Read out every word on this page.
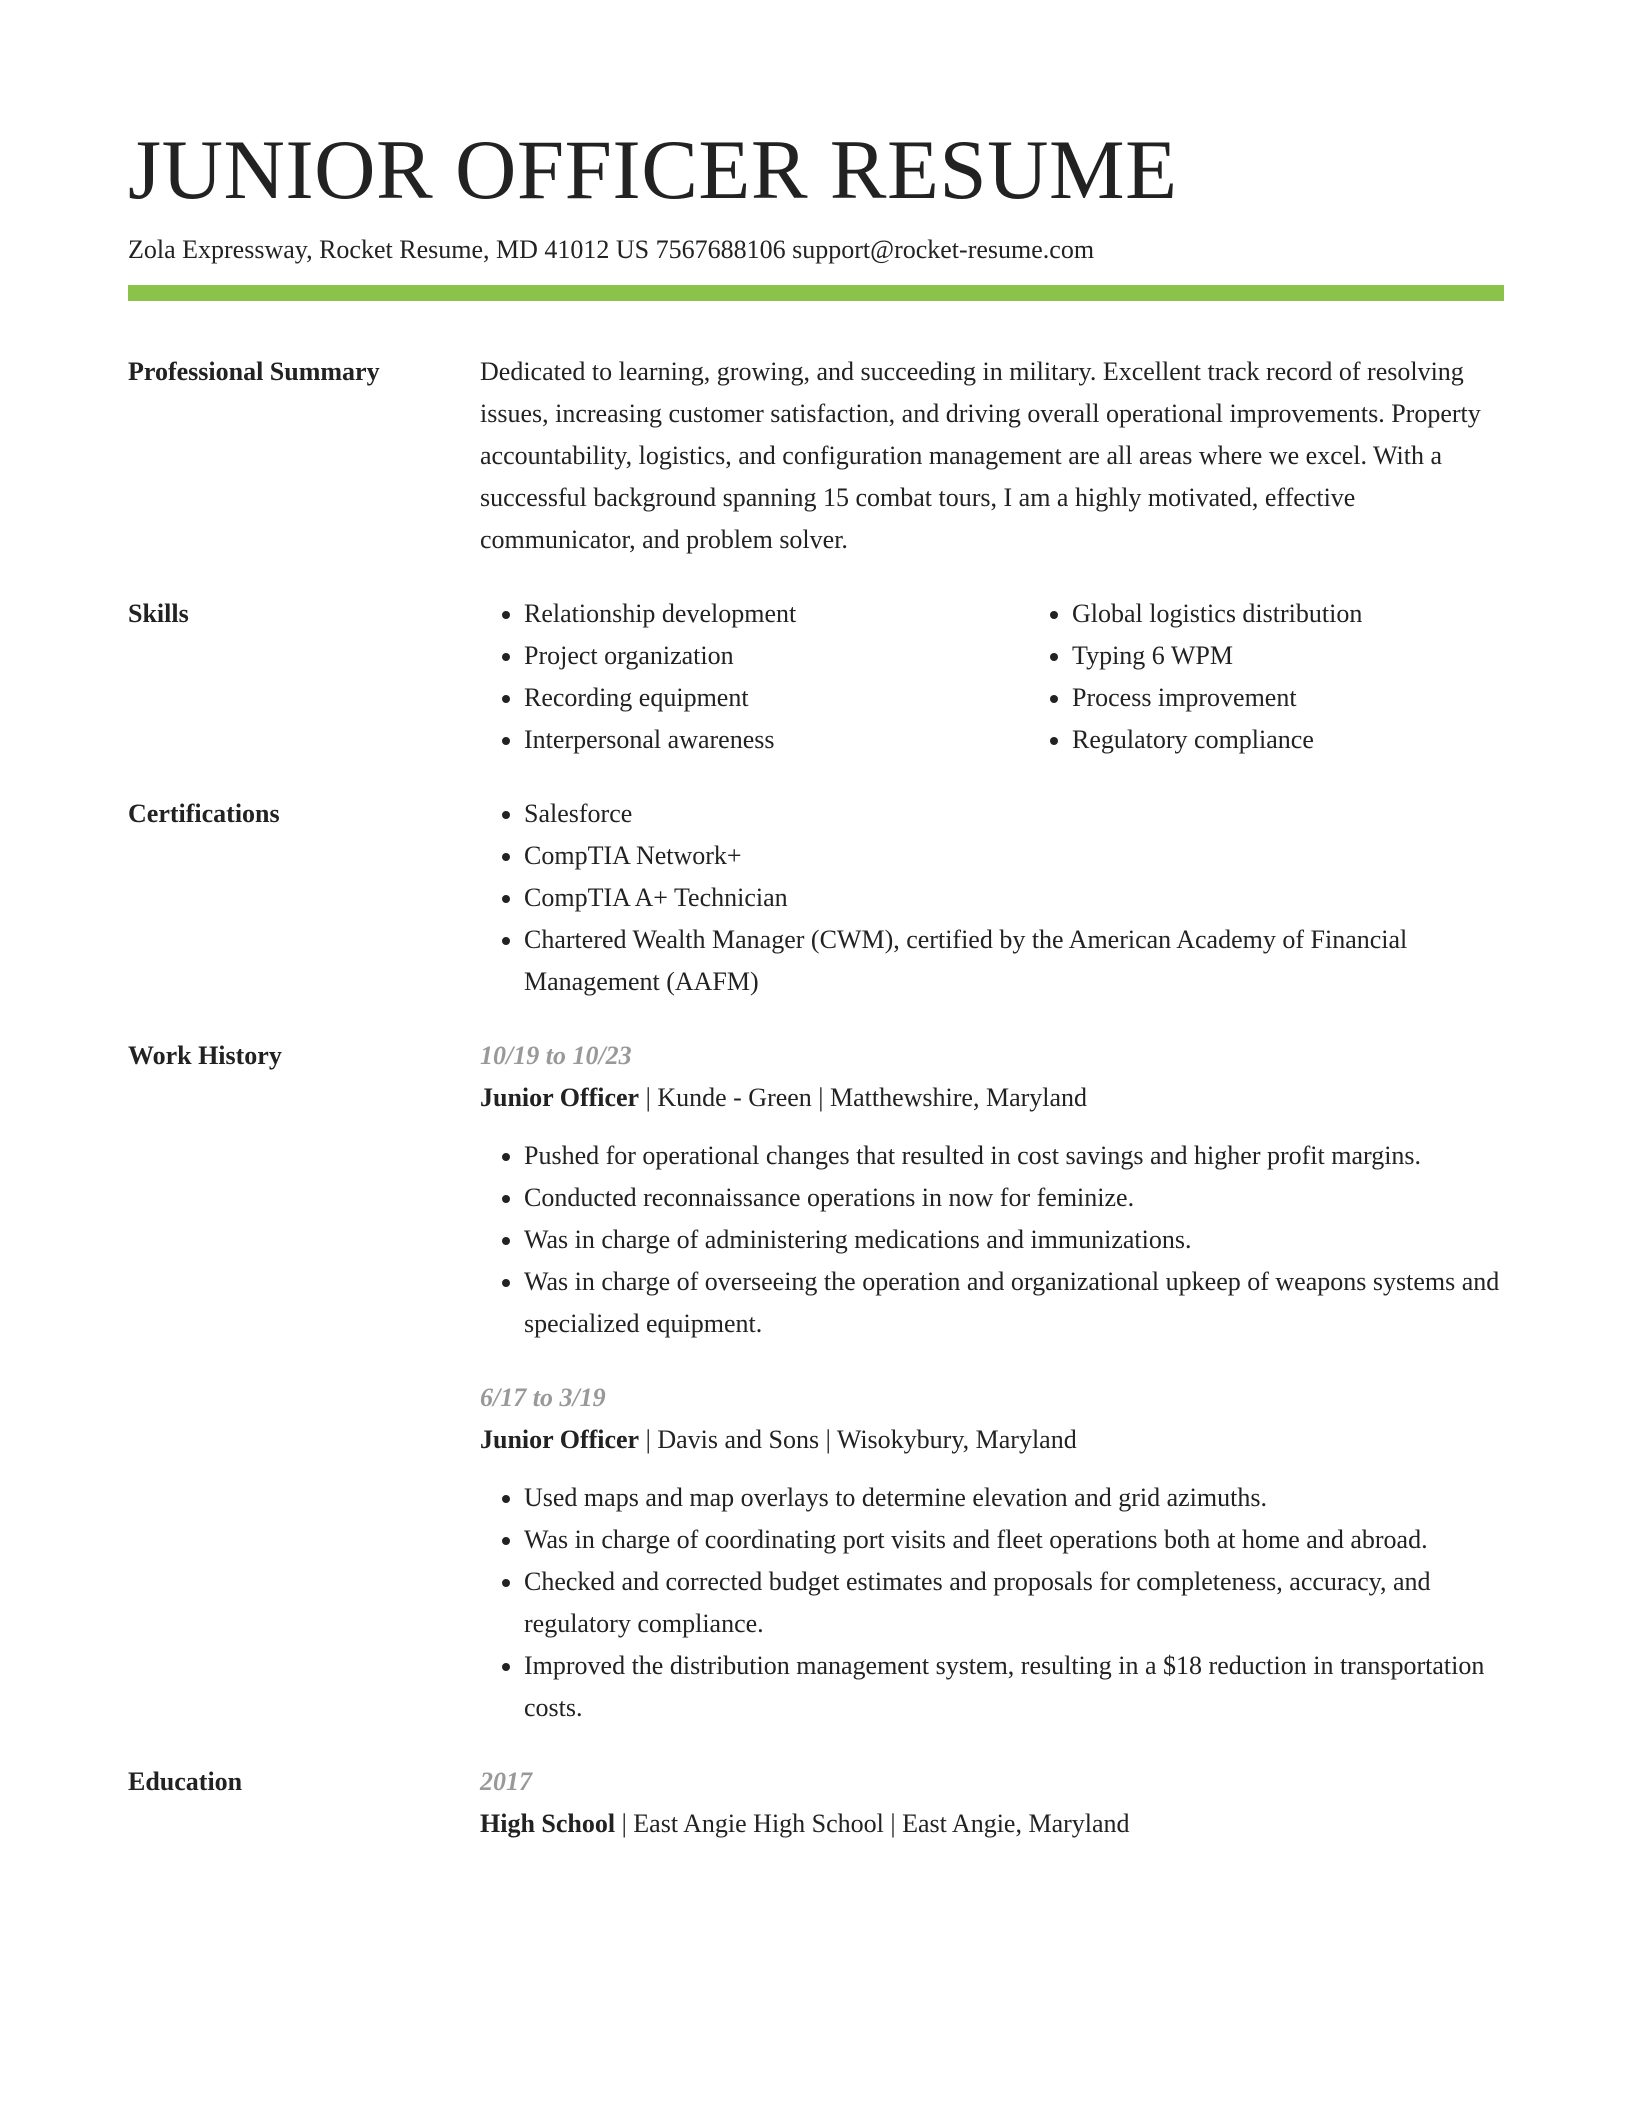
JUNIOR OFFICER RESUME
Zola Expressway, Rocket Resume, MD 41012 US 7567688106 support@rocket-resume.com
Professional Summary	Dedicated to learning, growing, and succeeding in military. Excellent track record of resolving issues, increasing customer satisfaction, and driving overall operational improvements. Property accountability, logistics, and configuration management are all areas where we excel. With a successful background spanning 15 combat tours, I am a highly motivated, effective communicator, and problem solver.
Skills	• Relationship development
• Project organization
• Recording equipment
• Interpersonal awareness
• Global logistics distribution
• Typing 6 WPM
• Process improvement
• Regulatory compliance
Certifications	• Salesforce
• CompTIA Network+
• CompTIA A+ Technician
• Chartered Wealth Manager (CWM), certified by the American Academy of Financial Management (AAFM)
Work History	10/19 to 10/23
Junior Officer | Kunde - Green | Matthewshire, Maryland
• Pushed for operational changes that resulted in cost savings and higher profit margins.
• Conducted reconnaissance operations in now for feminize.
• Was in charge of administering medications and immunizations.
• Was in charge of overseeing the operation and organizational upkeep of weapons systems and specialized equipment.
6/17 to 3/19
Junior Officer | Davis and Sons | Wisokybury, Maryland
• Used maps and map overlays to determine elevation and grid azimuths.
• Was in charge of coordinating port visits and fleet operations both at home and abroad.
• Checked and corrected budget estimates and proposals for completeness, accuracy, and regulatory compliance.
• Improved the distribution management system, resulting in a $18 reduction in transportation costs.
Education	2017
High School | East Angie High School | East Angie, Maryland
